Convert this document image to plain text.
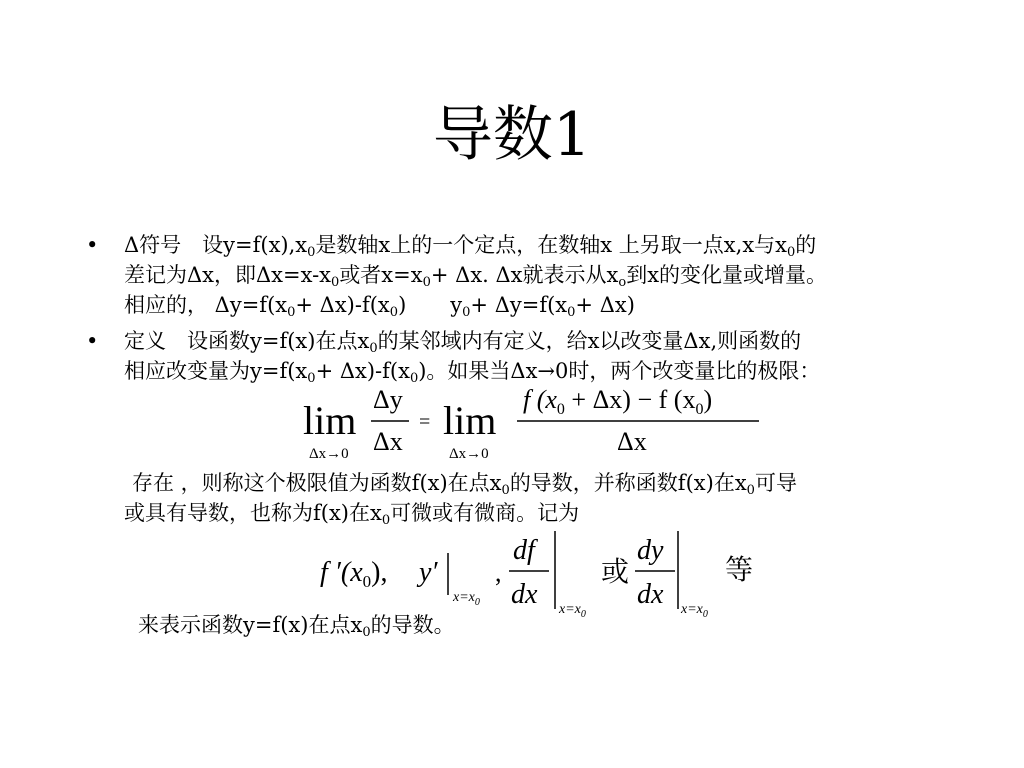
导数1
• Δ符号　设$y=f(x),x_0$是数轴x上的一个定点，在数轴x 上另取一点x,x与$x_0$的
差记为Δx，即$\Delta x=x-x_0$或者$x=x_0+ \Delta x$. Δx就表示从$x_o$到x的变化量或增量。
相应的， $\Delta y=f(x_0+ \Delta x)-f(x_0)$ $y_0+ \Delta y=f(x_0+ \Delta x)$
• 定义　设函数y=f(x)在点$x_0$的某邻域内有定义，给x以改变量Δx,则函数的
相应改变量为$y=f(x_0+ \Delta x)-f(x_0)$。如果当Δx→0时，两个改变量比的极限：
lim
Δx→0
Δy
Δx
= lim
Δx→0
f $(x_0 + \Delta x) - f$ $(x_0)$
Δx
存在 ，则称这个极限值为函数f(x)在点$x_0$的导数，并称函数f(x)在$x_0$可导
或具有导数，也称为f(x)在$x_0$可微或有微商。记为
f $'(x_0)$, y′
$x=x_0$
,
df
dx $x=x_0$
或
dy
dx $x=x_0$
等
来表示函数y=f(x)在点$x_0$的导数。
